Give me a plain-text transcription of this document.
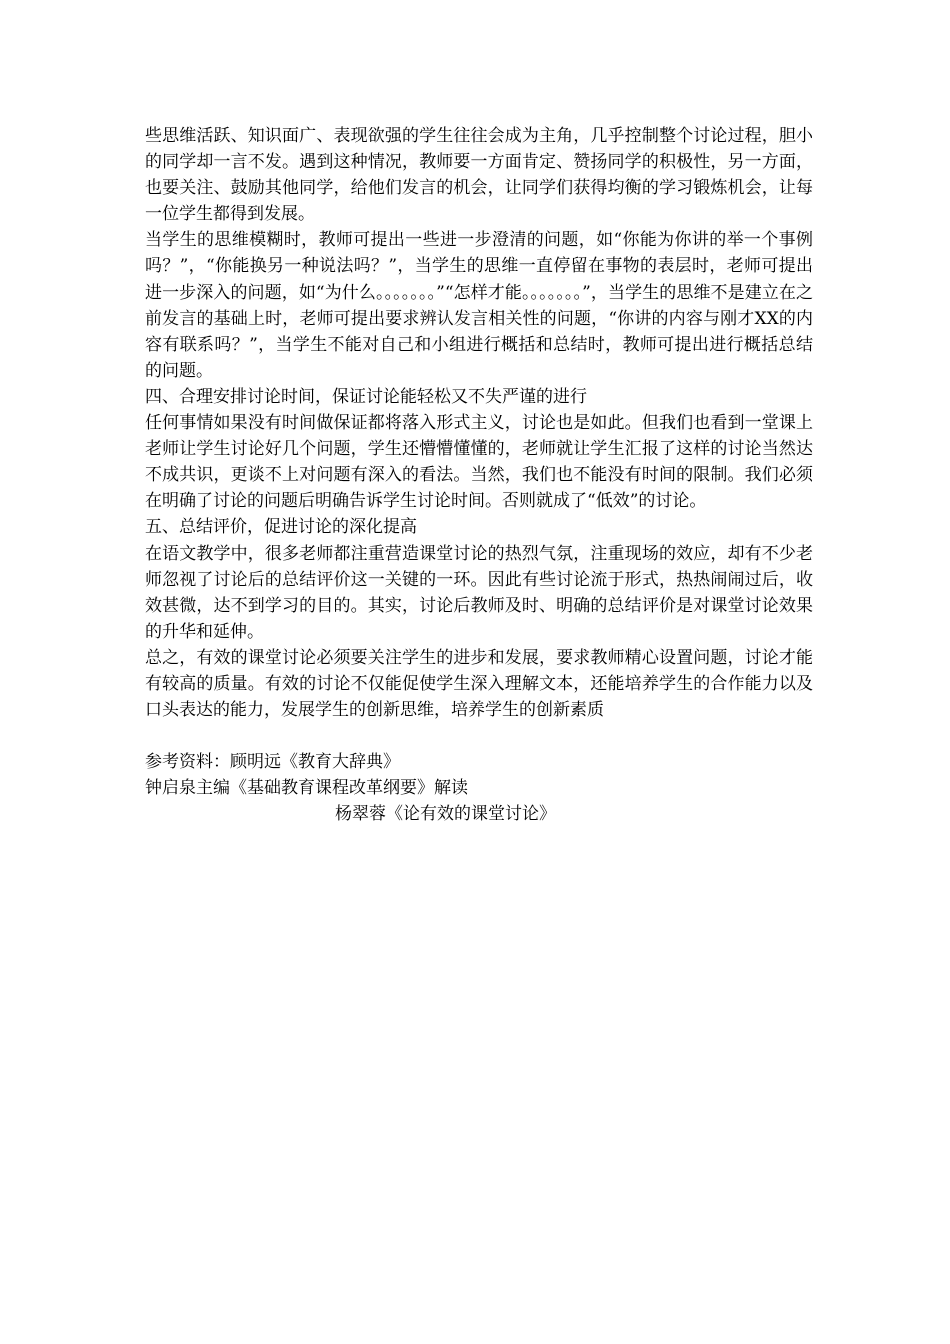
些思维活跃、知识面广、表现欲强的学生往往会成为主角，几乎控制整个讨论过程，胆小的同学却一言不发。遇到这种情况，教师要一方面肯定、赞扬同学的积极性，另一方面，也要关注、鼓励其他同学，给他们发言的机会，让同学们获得均衡的学习锻炼机会，让每一位学生都得到发展。

当学生的思维模糊时，教师可提出一些进一步澄清的问题，如“你能为你讲的举一个事例吗？”，“你能换另一种说法吗？”，当学生的思维一直停留在事物的表层时，老师可提出进一步深入的问题，如“为什么。。。。。。。”“怎样才能。。。。。。。”，当学生的思维不是建立在之前发言的基础上时，老师可提出要求辨认发言相关性的问题，“你讲的内容与刚才XX的内容有联系吗？”，当学生不能对自己和小组进行概括和总结时，教师可提出进行概括总结的问题。

四、合理安排讨论时间，保证讨论能轻松又不失严谨的进行

任何事情如果没有时间做保证都将落入形式主义，讨论也是如此。但我们也看到一堂课上老师让学生讨论好几个问题，学生还懵懵懂懂的，老师就让学生汇报了这样的讨论当然达不成共识，更谈不上对问题有深入的看法。当然，我们也不能没有时间的限制。我们必须在明确了讨论的问题后明确告诉学生讨论时间。否则就成了“低效”的讨论。

五、总结评价，促进讨论的深化提高

在语文教学中，很多老师都注重营造课堂讨论的热烈气氛，注重现场的效应，却有不少老师忽视了讨论后的总结评价这一关键的一环。因此有些讨论流于形式，热热闹闹过后，收效甚微，达不到学习的目的。其实，讨论后教师及时、明确的总结评价是对课堂讨论效果的升华和延伸。

总之，有效的课堂讨论必须要关注学生的进步和发展，要求教师精心设置问题，讨论才能有较高的质量。有效的讨论不仅能促使学生深入理解文本，还能培养学生的合作能力以及口头表达的能力，发展学生的创新思维，培养学生的创新素质

参考资料：顾明远《教育大辞典》

钟启泉主编《基础教育课程改革纲要》解读

杨翠蓉《论有效的课堂讨论》
